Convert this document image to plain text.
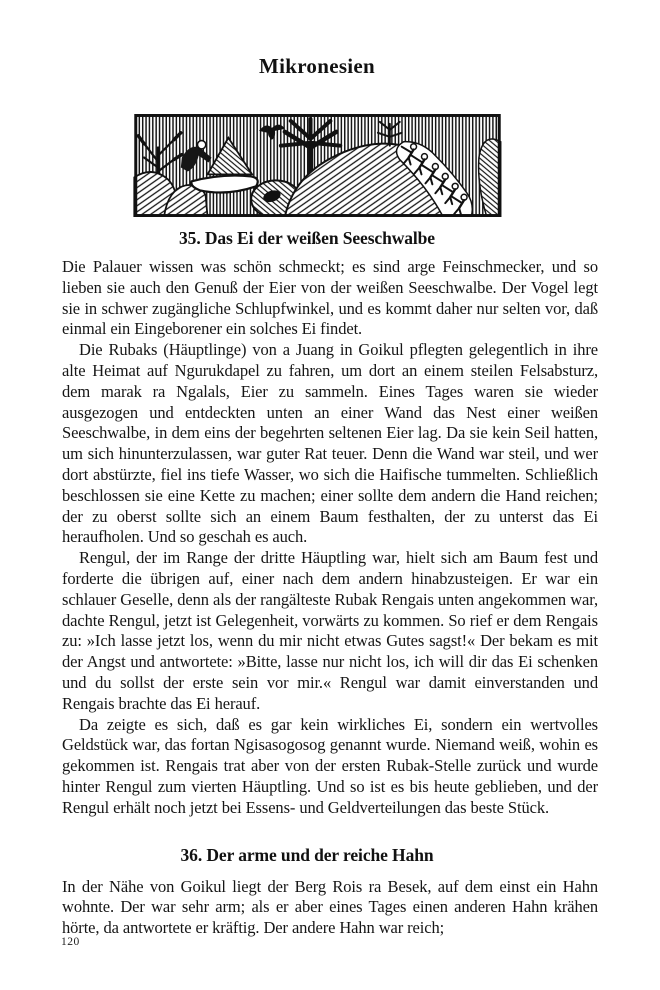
Mikronesien
35. Das Ei der weißen Seeschwalbe

Die Palauer wissen was schön schmeckt; es sind arge Feinschmecker, und so lieben sie auch den Genuß der Eier von der weißen Seeschwalbe. Der Vogel legt sie in schwer zugängliche Schlupfwinkel, und es kommt daher nur selten vor, daß einmal ein Eingeborener ein solches Ei findet.

Die Rubaks (Häuptlinge) von a Juang in Goikul pflegten gelegentlich in ihre alte Heimat auf Ngurukdapel zu fahren, um dort an einem steilen Felsabsturz, dem marak ra Ngalals, Eier zu sammeln. Eines Tages waren sie wieder ausgezogen und entdeckten unten an einer Wand das Nest einer weißen Seeschwalbe, in dem eins der begehrten seltenen Eier lag. Da sie kein Seil hatten, um sich hinunterzulassen, war guter Rat teuer. Denn die Wand war steil, und wer dort abstürzte, fiel ins tiefe Wasser, wo sich die Haifische tummelten. Schließlich beschlossen sie eine Kette zu machen; einer sollte dem andern die Hand reichen; der zu oberst sollte sich an einem Baum festhalten, der zu unterst das Ei heraufholen. Und so geschah es auch.

Rengul, der im Range der dritte Häuptling war, hielt sich am Baum fest und forderte die übrigen auf, einer nach dem andern hinabzusteigen. Er war ein schlauer Geselle, denn als der rangälteste Rubak Rengais unten angekommen war, dachte Rengul, jetzt ist Gelegenheit, vorwärts zu kommen. So rief er dem Rengais zu: »Ich lasse jetzt los, wenn du mir nicht etwas Gutes sagst!« Der bekam es mit der Angst und antwortete: »Bitte, lasse nur nicht los, ich will dir das Ei schenken und du sollst der erste sein vor mir.« Rengul war damit einverstanden und Rengais brachte das Ei herauf.

Da zeigte es sich, daß es gar kein wirkliches Ei, sondern ein wertvolles Geldstück war, das fortan Ngisasogosog genannt wurde. Niemand weiß, wohin es gekommen ist. Rengais trat aber von der ersten Rubak-Stelle zurück und wurde hinter Rengul zum vierten Häuptling. Und so ist es bis heute geblieben, und der Rengul erhält noch jetzt bei Essens- und Geldverteilungen das beste Stück.

36. Der arme und der reiche Hahn

In der Nähe von Goikul liegt der Berg Rois ra Besek, auf dem einst ein Hahn wohnte. Der war sehr arm; als er aber eines Tages einen anderen Hahn krähen hörte, da antwortete er kräftig. Der andere Hahn war reich;

120
